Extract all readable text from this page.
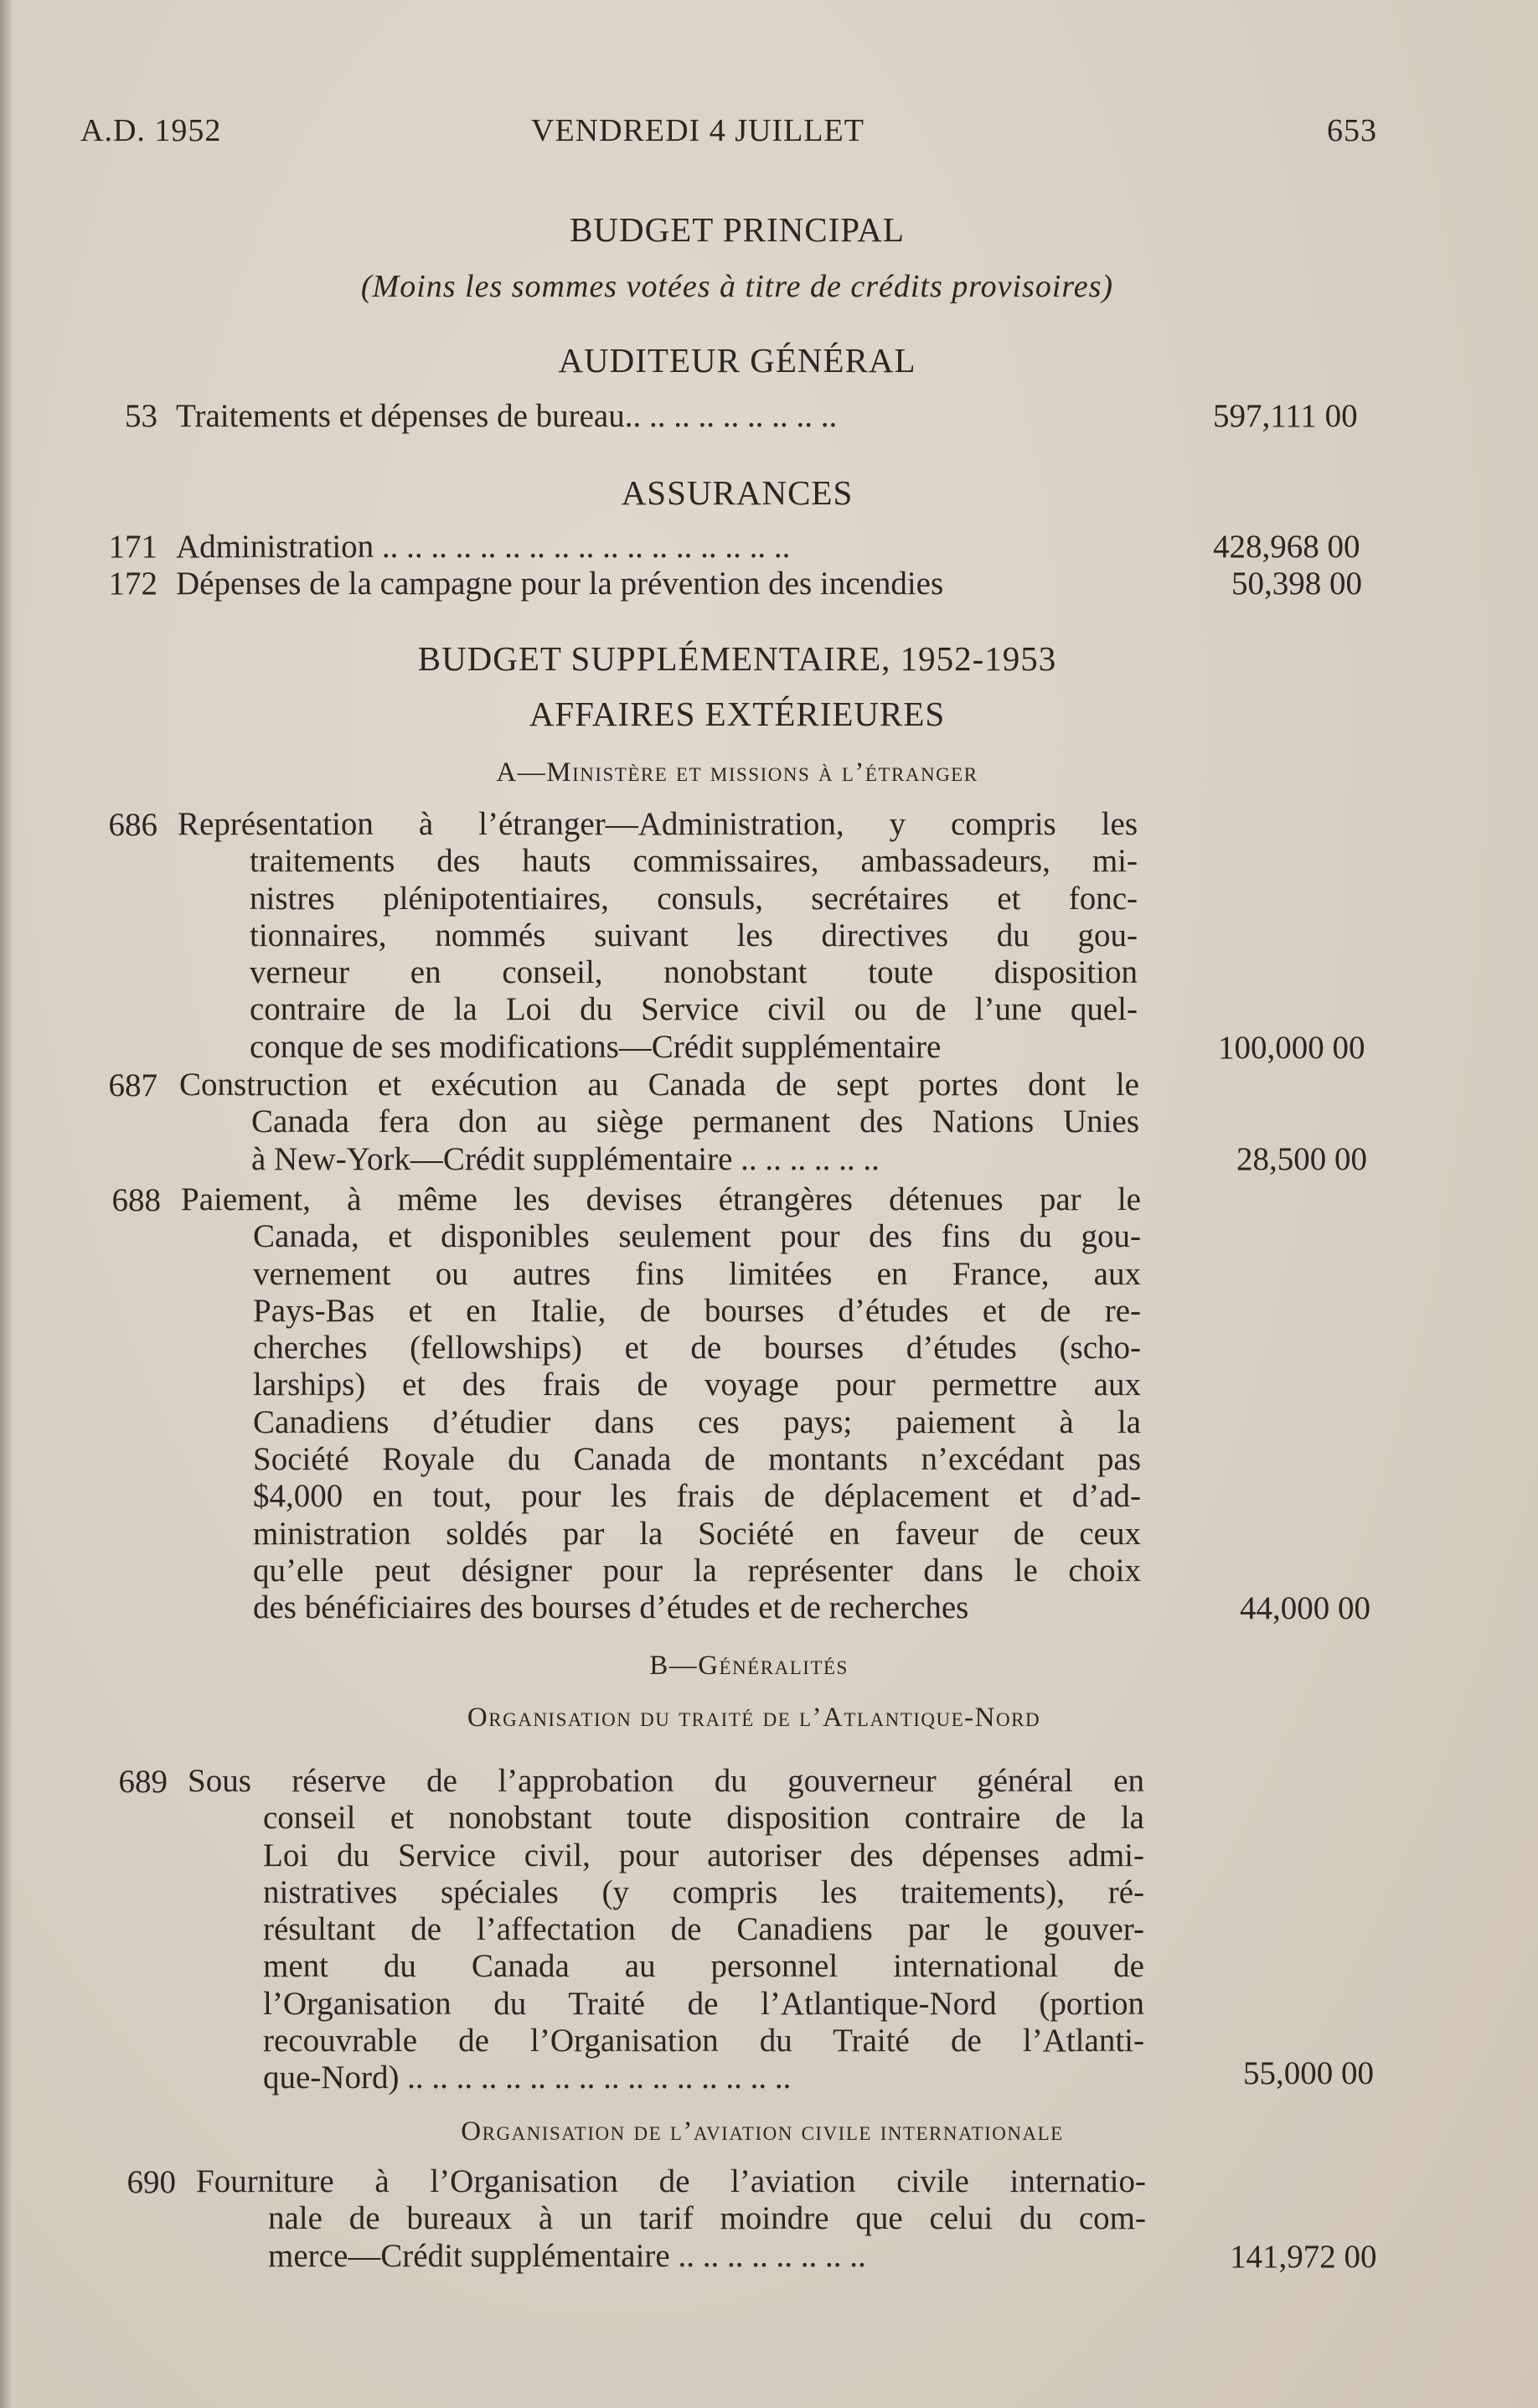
A.D. 1952	VENDREDI 4 JUILLET	653
BUDGET PRINCIPAL
(Moins les sommes votées à titre de crédits provisoires)
AUDITEUR GÉNÉRAL
53 Traitements et dépenses de bureau.. .. .. .. .. .. .. .. ..	597,111 00
ASSURANCES
171 Administration .. .. .. .. .. .. .. .. .. .. .. .. .. .. .. .. ..	428,968 00
172 Dépenses de la campagne pour la prévention des incendies	50,398 00
BUDGET SUPPLÉMENTAIRE, 1952-1953
AFFAIRES EXTÉRIEURES
A—Ministère et missions à l’étranger
686 Représentation à l’étranger—Administration, y compris les
traitements des hauts commissaires, ambassadeurs, mi-
nistres plénipotentiaires, consuls, secrétaires et fonc-
tionnaires, nommés suivant les directives du gou-
verneur en conseil, nonobstant toute disposition
contraire de la Loi du Service civil ou de l’une quel-
conque de ses modifications—Crédit supplémentaire	100,000 00
687 Construction et exécution au Canada de sept portes dont le
Canada fera don au siège permanent des Nations Unies
à New-York—Crédit supplémentaire .. .. .. .. .. ..	28,500 00
688 Paiement, à même les devises étrangères détenues par le
Canada, et disponibles seulement pour des fins du gou-
vernement ou autres fins limitées en France, aux
Pays-Bas et en Italie, de bourses d’études et de re-
cherches (fellowships) et de bourses d’études (scho-
larships) et des frais de voyage pour permettre aux
Canadiens d’étudier dans ces pays; paiement à la
Société Royale du Canada de montants n’excédant pas
$4,000 en tout, pour les frais de déplacement et d’ad-
ministration soldés par la Société en faveur de ceux
qu’elle peut désigner pour la représenter dans le choix
des bénéficiaires des bourses d’études et de recherches	44,000 00
B—Généralités
Organisation du traité de l’Atlantique-Nord
689 Sous réserve de l’approbation du gouverneur général en
conseil et nonobstant toute disposition contraire de la
Loi du Service civil, pour autoriser des dépenses admi-
nistratives spéciales (y compris les traitements), ré-
résultant de l’affectation de Canadiens par le gouver-
ment du Canada au personnel international de
l’Organisation du Traité de l’Atlantique-Nord (portion
recouvrable de l’Organisation du Traité de l’Atlanti-
que-Nord) .. .. .. .. .. .. .. .. .. .. .. .. .. .. .. ..	55,000 00
Organisation de l’aviation civile internationale
690 Fourniture à l’Organisation de l’aviation civile internatio-
nale de bureaux à un tarif moindre que celui du com-
merce—Crédit supplémentaire .. .. .. .. .. .. .. ..	141,972 00
